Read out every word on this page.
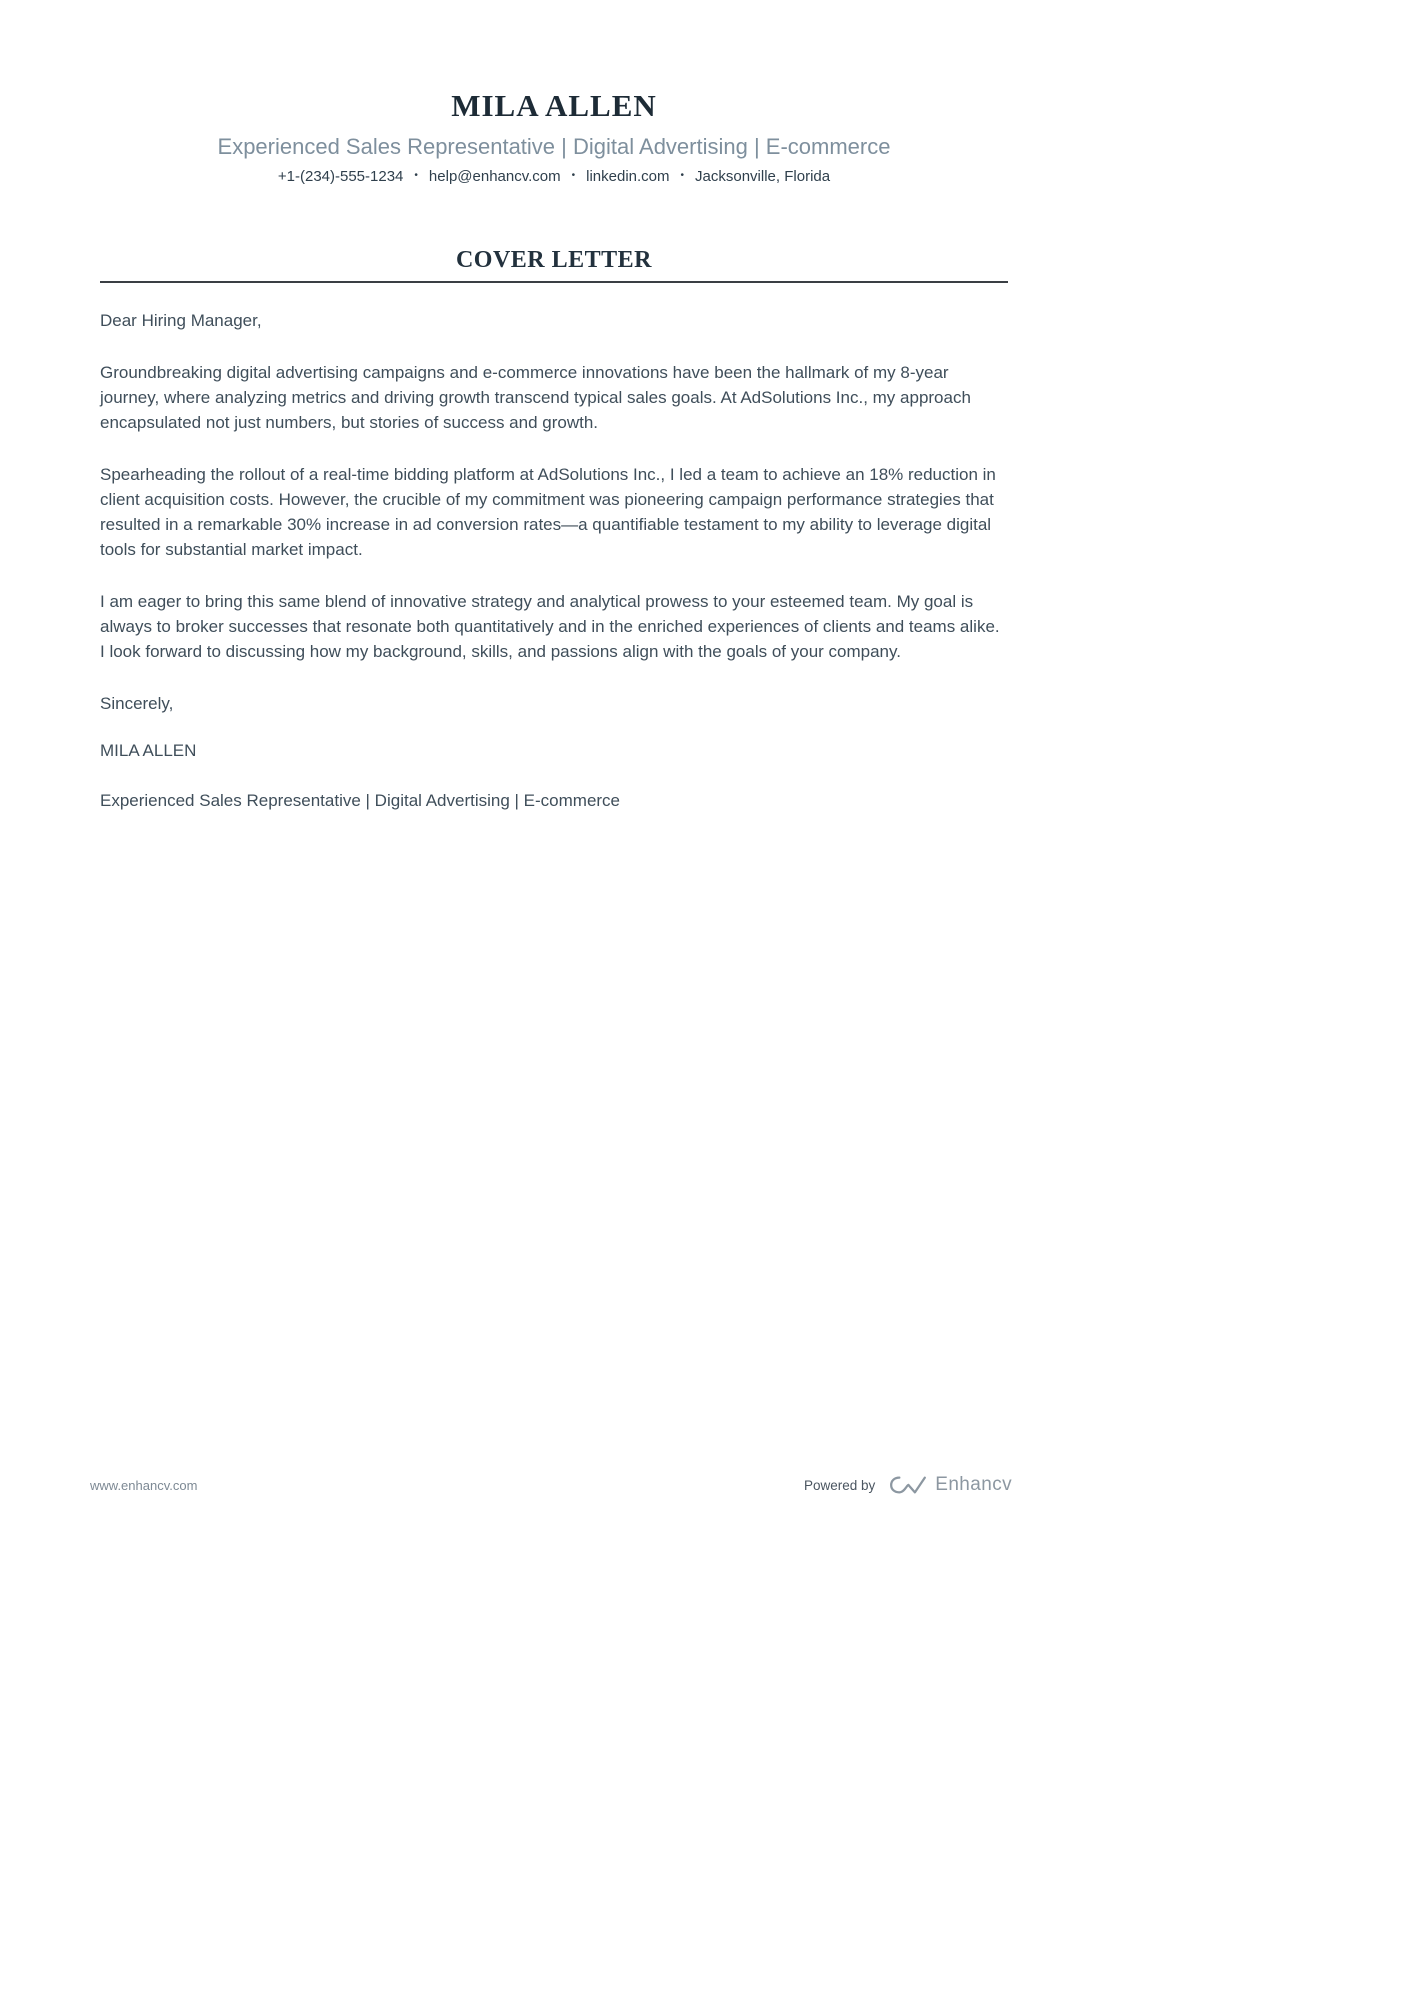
MILA ALLEN
Experienced Sales Representative | Digital Advertising | E-commerce
+1-(234)-555-1234 • help@enhancv.com • linkedin.com • Jacksonville, Florida
COVER LETTER

Dear Hiring Manager,

Groundbreaking digital advertising campaigns and e-commerce innovations have been the hallmark of my 8-year journey, where analyzing metrics and driving growth transcend typical sales goals. At AdSolutions Inc., my approach encapsulated not just numbers, but stories of success and growth.

Spearheading the rollout of a real-time bidding platform at AdSolutions Inc., I led a team to achieve an 18% reduction in client acquisition costs. However, the crucible of my commitment was pioneering campaign performance strategies that resulted in a remarkable 30% increase in ad conversion rates—a quantifiable testament to my ability to leverage digital tools for substantial market impact.

I am eager to bring this same blend of innovative strategy and analytical prowess to your esteemed team. My goal is always to broker successes that resonate both quantitatively and in the enriched experiences of clients and teams alike. I look forward to discussing how my background, skills, and passions align with the goals of your company.

Sincerely,

MILA ALLEN

Experienced Sales Representative | Digital Advertising | E-commerce

www.enhancv.com	Powered by	Enhancv
